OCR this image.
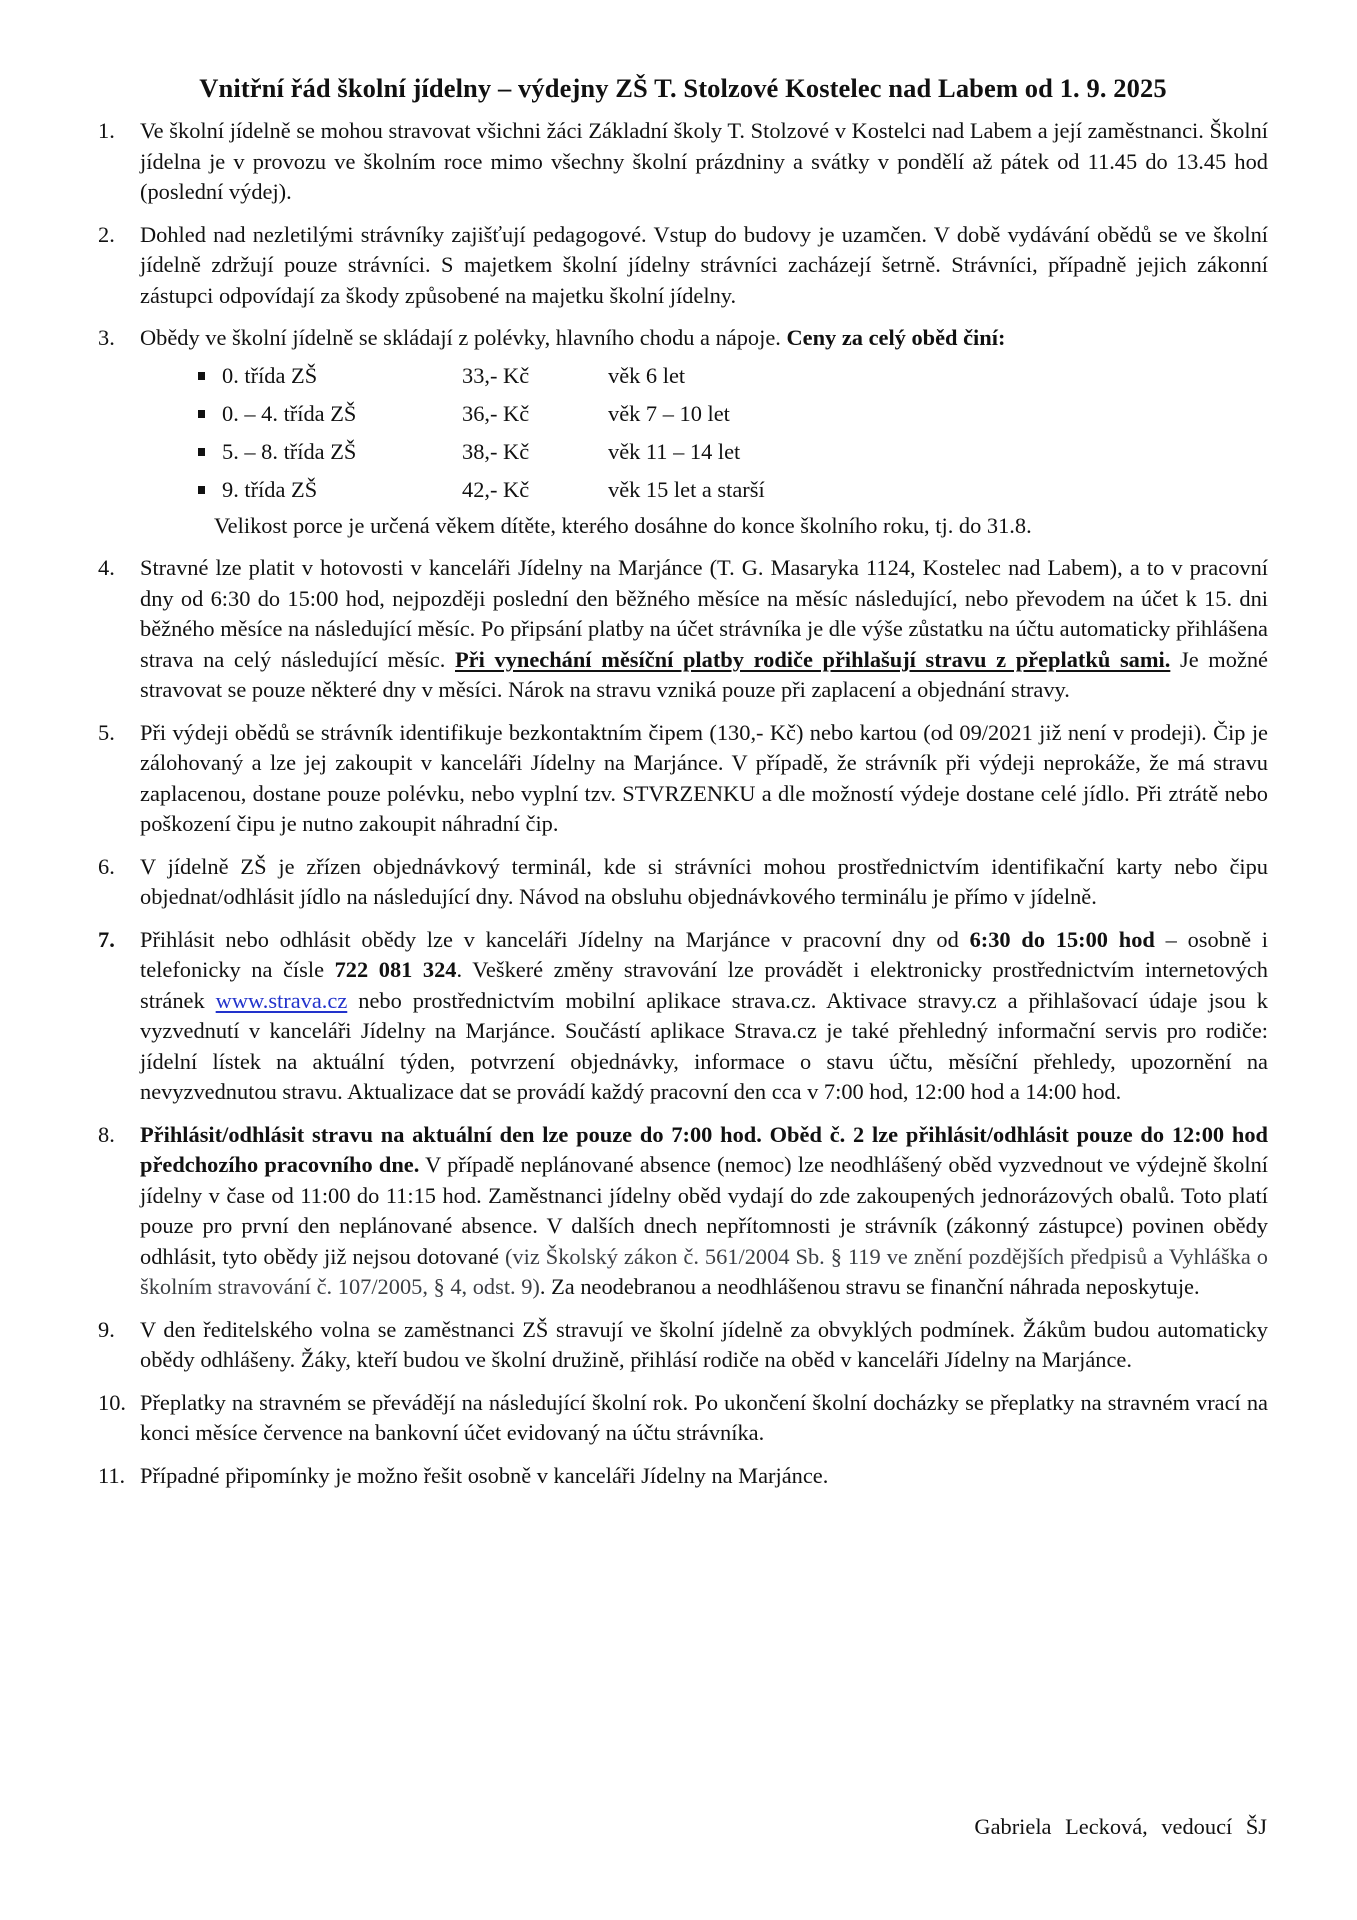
Vnitřní řád školní jídelny – výdejny ZŠ T. Stolzové Kostelec nad Labem od 1. 9. 2025
1. Ve školní jídelně se mohou stravovat všichni žáci Základní školy T. Stolzové v Kostelci nad Labem a její zaměstnanci. Školní jídelna je v provozu ve školním roce mimo všechny školní prázdniny a svátky v pondělí až pátek od 11.45 do 13.45 hod (poslední výdej).
2. Dohled nad nezletilými strávníky zajišťují pedagogové. Vstup do budovy je uzamčen. V době vydávání obědů se ve školní jídelně zdržují pouze strávníci. S majetkem školní jídelny strávníci zacházejí šetrně. Strávníci, případně jejich zákonní zástupci odpovídají za škody způsobené na majetku školní jídelny.
3. Obědy ve školní jídelně se skládají z polévky, hlavního chodu a nápoje. Ceny za celý oběd činí:
0. třída ZŠ	33,- Kč	věk 6 let
0. – 4. třída ZŠ	36,- Kč	věk 7 – 10 let
5. – 8. třída ZŠ	38,- Kč	věk 11 – 14 let
9. třída ZŠ	42,- Kč	věk 15 let a starší
Velikost porce je určená věkem dítěte, kterého dosáhne do konce školního roku, tj. do 31.8.
4. Stravné lze platit v hotovosti v kanceláři Jídelny na Marjánce (T. G. Masaryka 1124, Kostelec nad Labem), a to v pracovní dny od 6:30 do 15:00 hod, nejpozději poslední den běžného měsíce na měsíc následující, nebo převodem na účet k 15. dni běžného měsíce na následující měsíc. Po připsání platby na účet strávníka je dle výše zůstatku na účtu automaticky přihlášena strava na celý následující měsíc. Při vynechání měsíční platby rodiče přihlašují stravu z přeplatků sami. Je možné stravovat se pouze některé dny v měsíci. Nárok na stravu vzniká pouze při zaplacení a objednání stravy.
5. Při výdeji obědů se strávník identifikuje bezkontaktním čipem (130,- Kč) nebo kartou (od 09/2021 již není v prodeji). Čip je zálohovaný a lze jej zakoupit v kanceláři Jídelny na Marjánce. V případě, že strávník při výdeji neprokáže, že má stravu zaplacenou, dostane pouze polévku, nebo vyplní tzv. STVRZENKU a dle možností výdeje dostane celé jídlo. Při ztrátě nebo poškození čipu je nutno zakoupit náhradní čip.
6. V jídelně ZŠ je zřízen objednávkový terminál, kde si strávníci mohou prostřednictvím identifikační karty nebo čipu objednat/odhlásit jídlo na následující dny. Návod na obsluhu objednávkového terminálu je přímo v jídelně.
7. Přihlásit nebo odhlásit obědy lze v kanceláři Jídelny na Marjánce v pracovní dny od 6:30 do 15:00 hod – osobně i telefonicky na čísle 722 081 324. Veškeré změny stravování lze provádět i elektronicky prostřednictvím internetových stránek www.strava.cz nebo prostřednictvím mobilní aplikace strava.cz. Aktivace stravy.cz a přihlašovací údaje jsou k vyzvednutí v kanceláři Jídelny na Marjánce. Součástí aplikace Strava.cz je také přehledný informační servis pro rodiče: jídelní lístek na aktuální týden, potvrzení objednávky, informace o stavu účtu, měsíční přehledy, upozornění na nevyzvednutou stravu. Aktualizace dat se provádí každý pracovní den cca v 7:00 hod, 12:00 hod a 14:00 hod.
8. Přihlásit/odhlásit stravu na aktuální den lze pouze do 7:00 hod. Oběd č. 2 lze přihlásit/odhlásit pouze do 12:00 hod předchozího pracovního dne. V případě neplánované absence (nemoc) lze neodhlášený oběd vyzvednout ve výdejně školní jídelny v čase od 11:00 do 11:15 hod. Zaměstnanci jídelny oběd vydají do zde zakoupených jednorázových obalů. Toto platí pouze pro první den neplánované absence. V dalších dnech nepřítomnosti je strávník (zákonný zástupce) povinen obědy odhlásit, tyto obědy již nejsou dotované (viz Školský zákon č. 561/2004 Sb. § 119 ve znění pozdějších předpisů a Vyhláška o školním stravování č. 107/2005, § 4, odst. 9). Za neodebranou a neodhlášenou stravu se finanční náhrada neposkytuje.
9. V den ředitelského volna se zaměstnanci ZŠ stravují ve školní jídelně za obvyklých podmínek. Žákům budou automaticky obědy odhlášeny. Žáky, kteří budou ve školní družině, přihlásí rodiče na oběd v kanceláři Jídelny na Marjánce.
10. Přeplatky na stravném se převádějí na následující školní rok. Po ukončení školní docházky se přeplatky na stravném vrací na konci měsíce července na bankovní účet evidovaný na účtu strávníka.
11. Případné připomínky je možno řešit osobně v kanceláři Jídelny na Marjánce.
Gabriela Lecková, vedoucí ŠJ
